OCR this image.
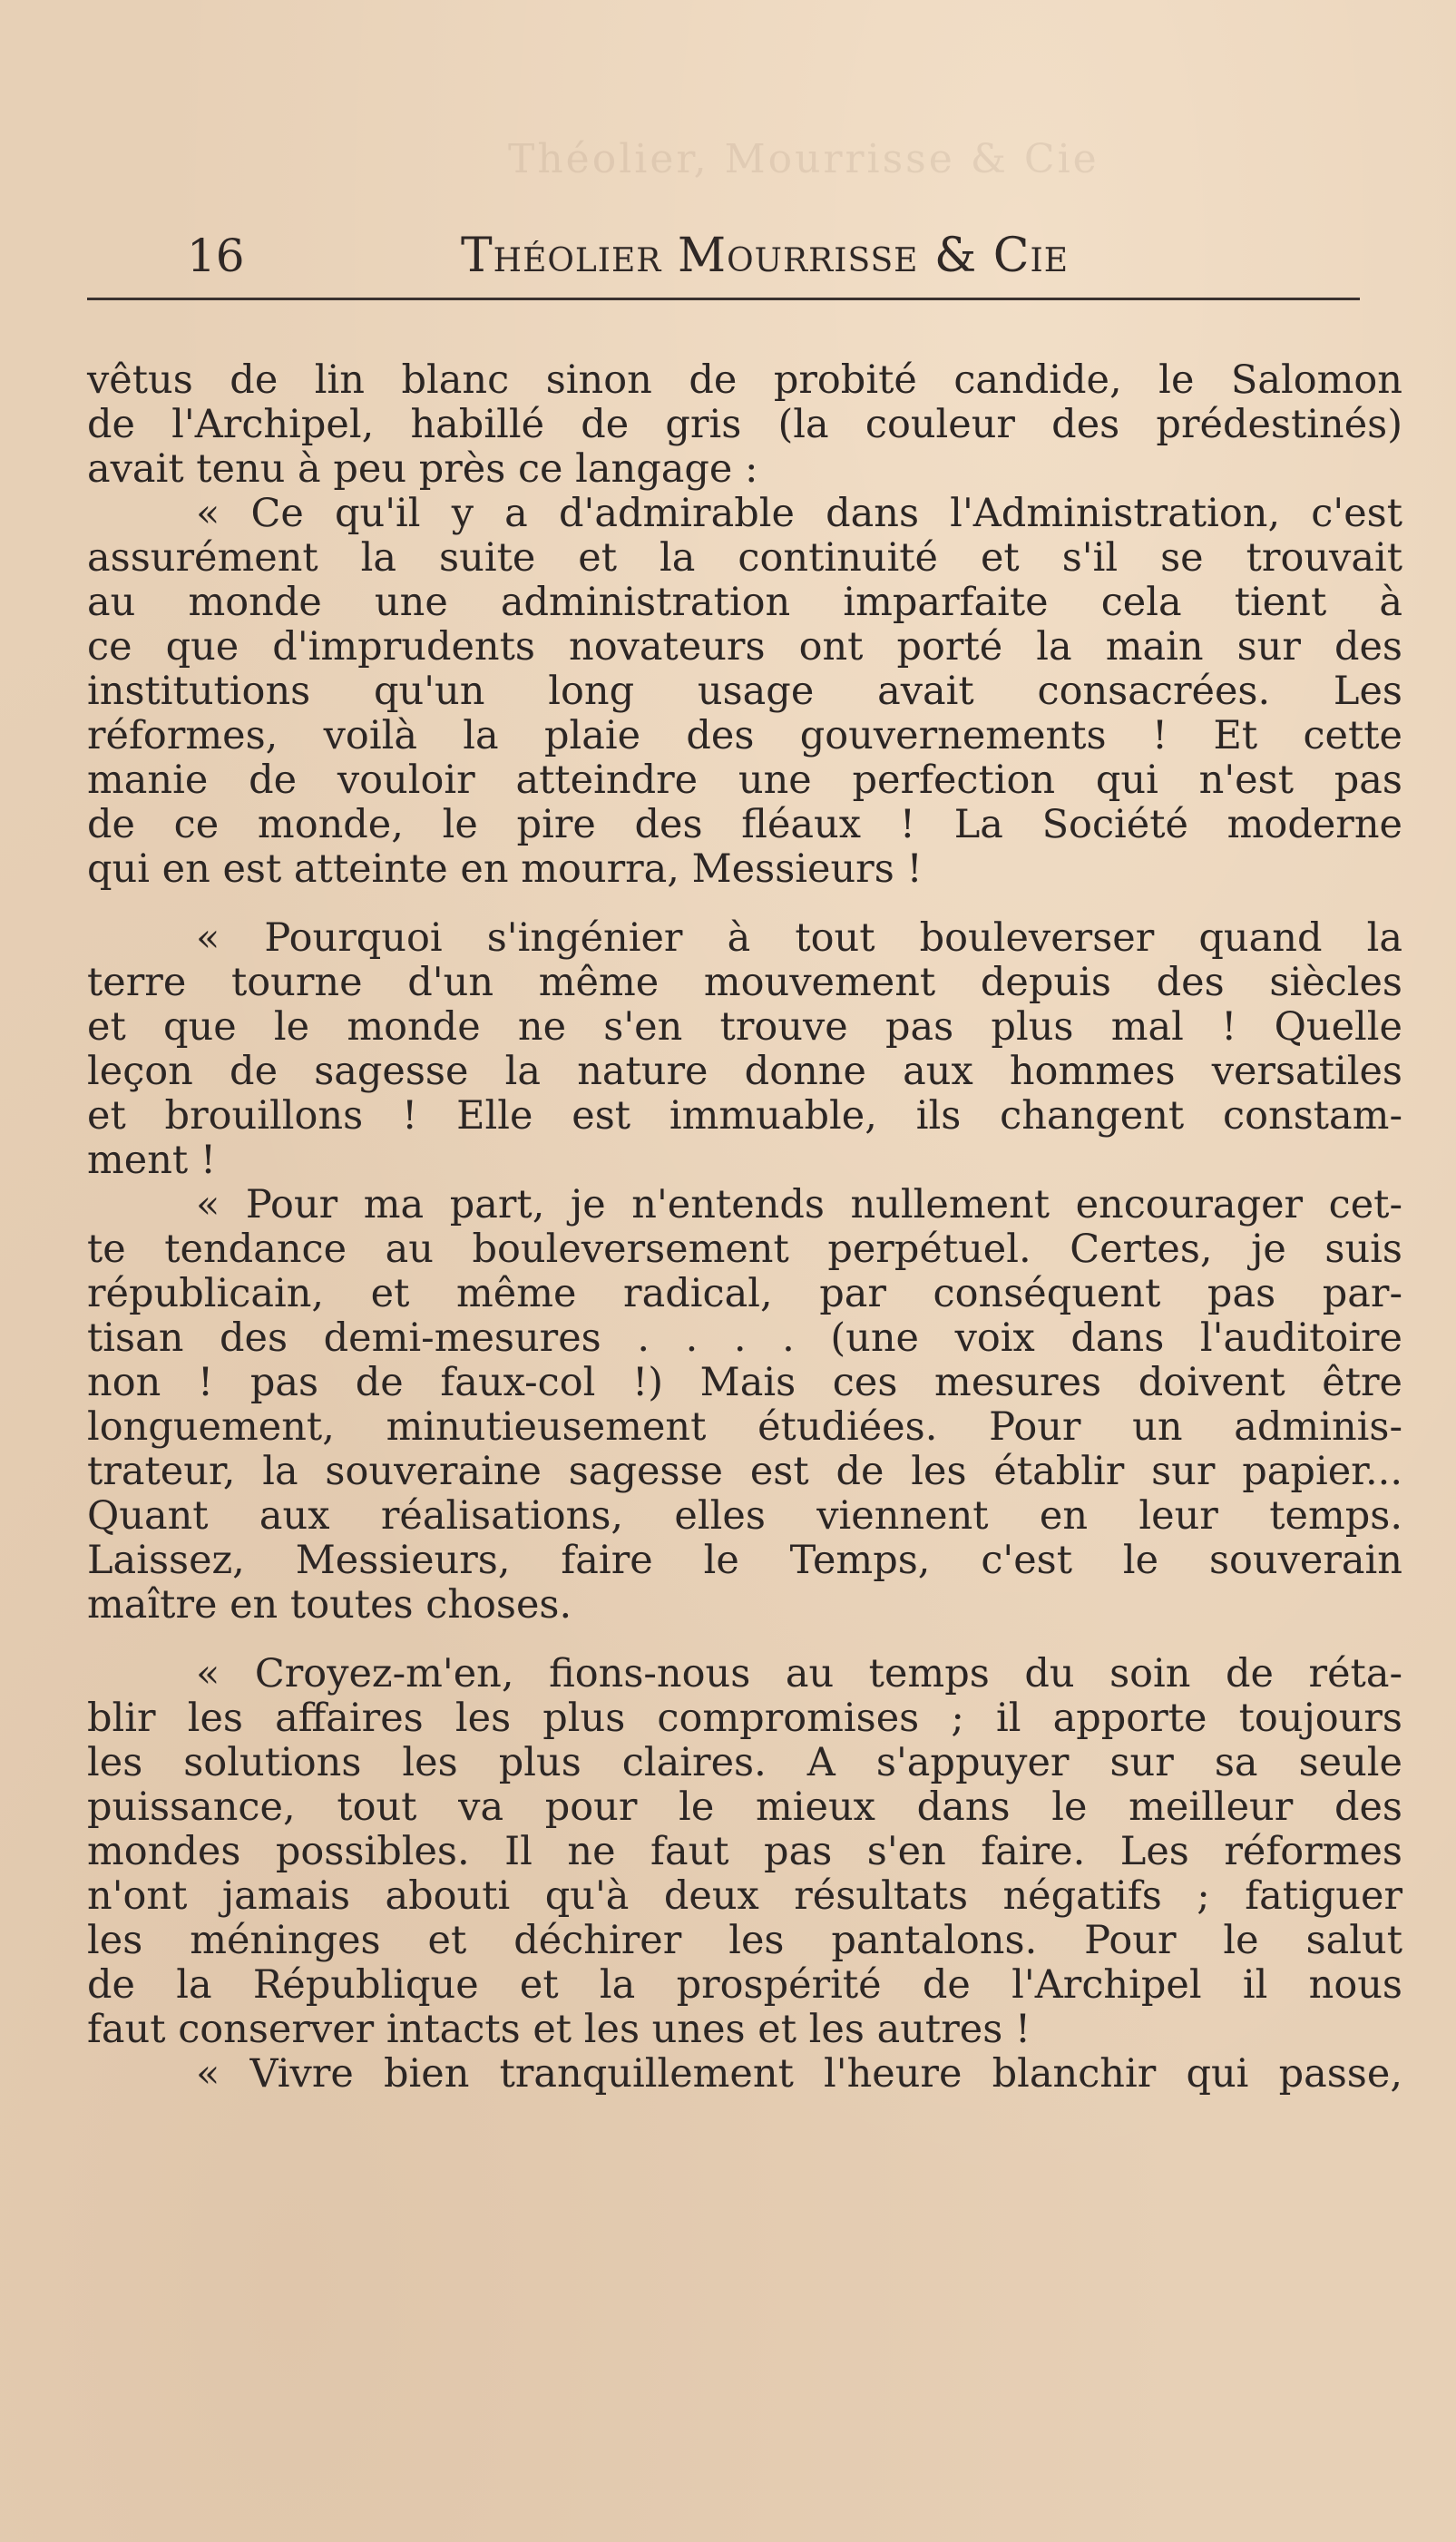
Théolier, Mourrisse & Cie
16	Théolier Mourrisse & Cie
vêtus de lin blanc sinon de probité candide, le Salomon
de l'Archipel, habillé de gris (la couleur des prédestinés)
avait tenu à peu près ce langage :
« Ce qu'il y a d'admirable dans l'Administration, c'est
assurément la suite et la continuité et s'il se trouvait
au monde une administration imparfaite cela tient à
ce que d'imprudents novateurs ont porté la main sur des
institutions qu'un long usage avait consacrées. Les
réformes, voilà la plaie des gouvernements ! Et cette
manie de vouloir atteindre une perfection qui n'est pas
de ce monde, le pire des fléaux ! La Société moderne
qui en est atteinte en mourra, Messieurs !
« Pourquoi s'ingénier à tout bouleverser quand la
terre tourne d'un même mouvement depuis des siècles
et que le monde ne s'en trouve pas plus mal ! Quelle
leçon de sagesse la nature donne aux hommes versatiles
et brouillons ! Elle est immuable, ils changent constam-
ment !
« Pour ma part, je n'entends nullement encourager cet-
te tendance au bouleversement perpétuel. Certes, je suis
républicain, et même radical, par conséquent pas par-
tisan des demi-mesures . . . . (une voix dans l'auditoire
non ! pas de faux-col !) Mais ces mesures doivent être
longuement, minutieusement étudiées. Pour un adminis-
trateur, la souveraine sagesse est de les établir sur papier...
Quant aux réalisations, elles viennent en leur temps.
Laissez, Messieurs, faire le Temps, c'est le souverain
maître en toutes choses.
« Croyez-m'en, fions-nous au temps du soin de réta-
blir les affaires les plus compromises ; il apporte toujours
les solutions les plus claires. A s'appuyer sur sa seule
puissance, tout va pour le mieux dans le meilleur des
mondes possibles. Il ne faut pas s'en faire. Les réformes
n'ont jamais abouti qu'à deux résultats négatifs ; fatiguer
les méninges et déchirer les pantalons. Pour le salut
de la République et la prospérité de l'Archipel il nous
faut conserver intacts et les unes et les autres !
« Vivre bien tranquillement l'heure blanchir qui passe,
